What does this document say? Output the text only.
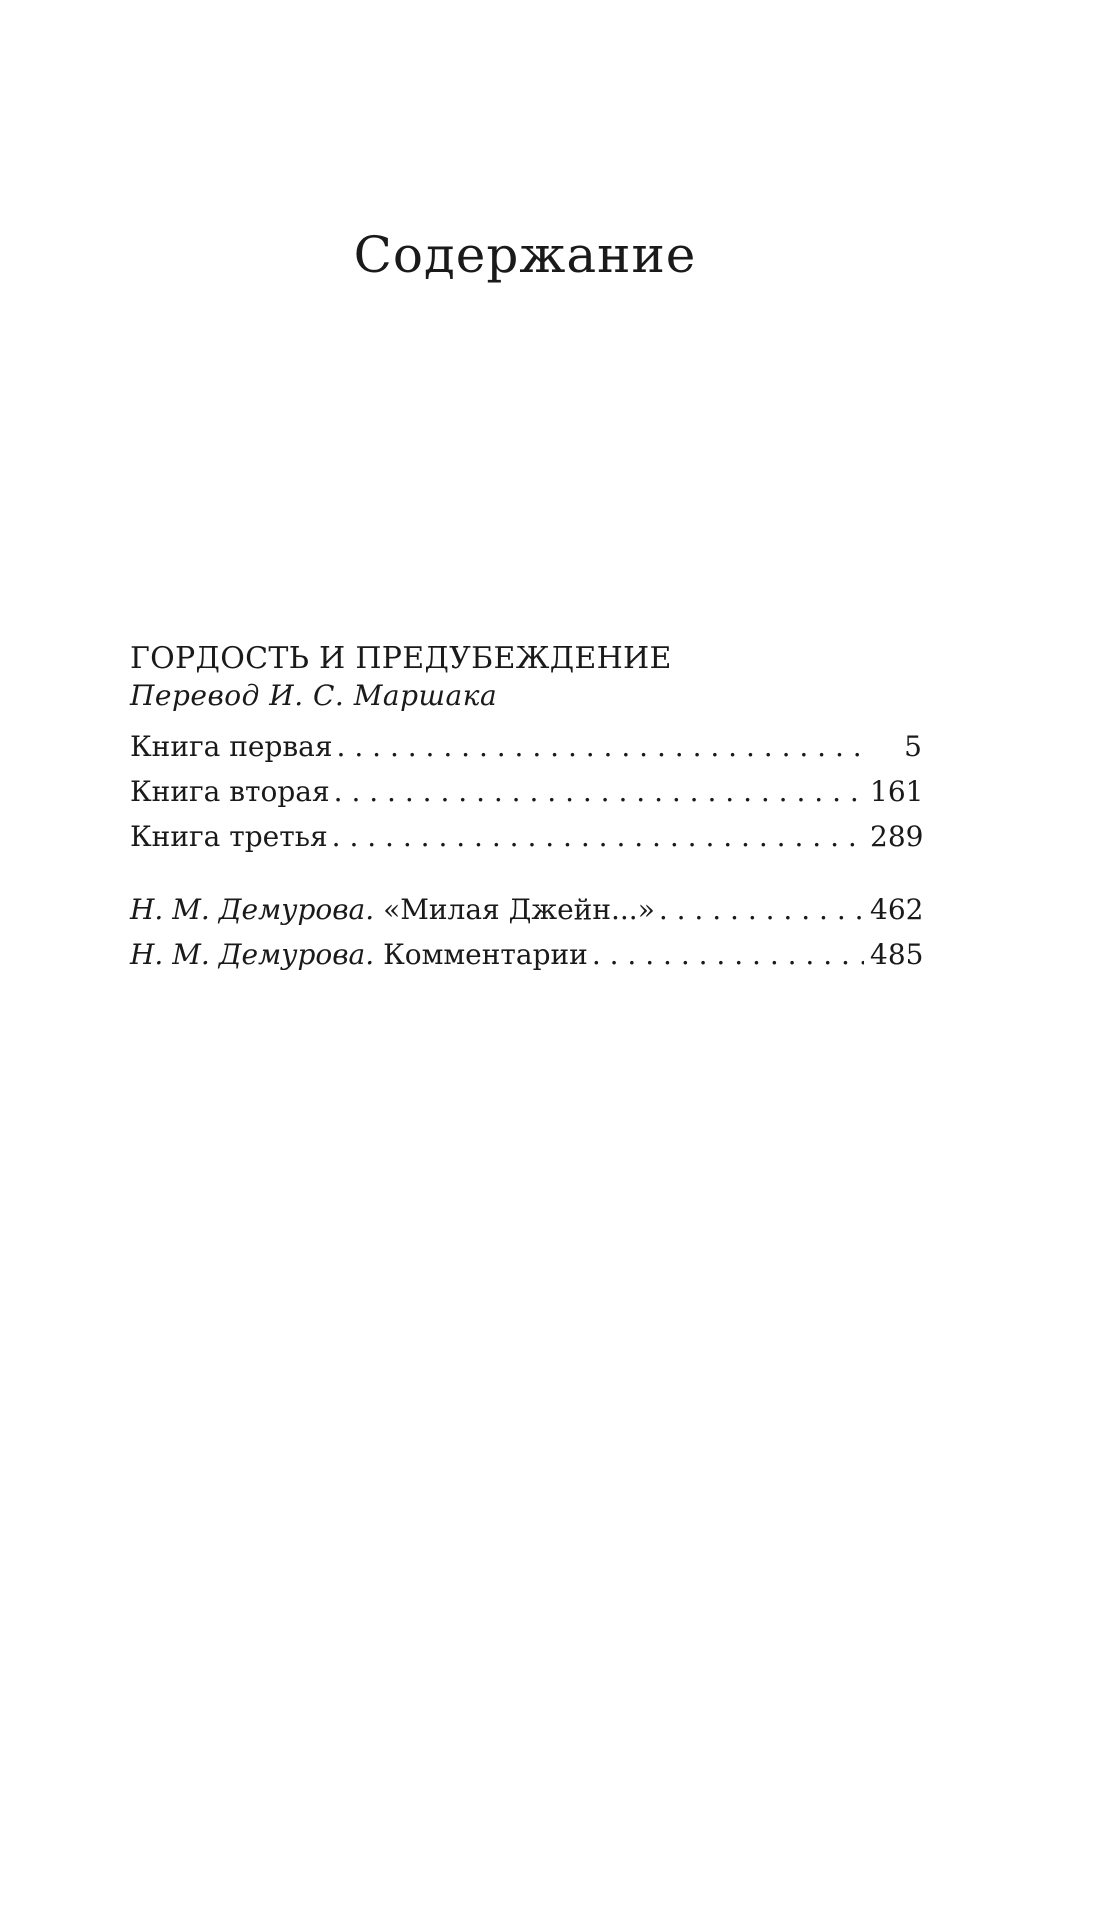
Содержание
ГОРДОСТЬ И ПРЕДУБЕЖДЕНИЕ
Перевод И. С. Маршака
Книга первая . . .	5
Книга вторая . . .	161
Книга третья . . .	289
Н. М. Демурова. «Милая Джейн...» . . .	462
Н. М. Демурова. Комментарии . . .	485
